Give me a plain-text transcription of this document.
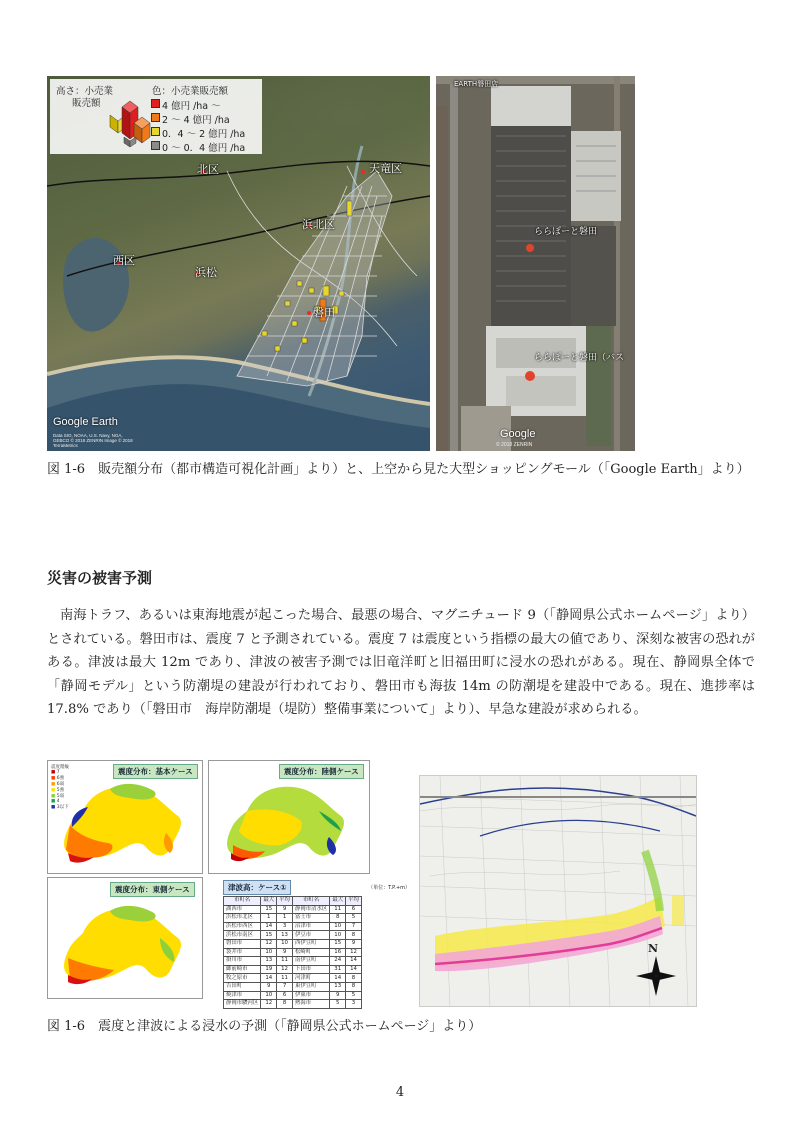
高さ：小売業
販売額
色：小売業販売額
4 億円 /ha ～
2 ～ 4 億円 /ha
0．4 ～ 2 億円 /ha
0 ～ 0．4 億円 /ha
天竜区
北区
浜北区
西区
浜松
磐田
Google Earth
Data SIO, NOAA, U.S. Navy, NGA, GEBCO © 2018 ZENRIN Image © 2018 TerraMetrics
EARTH磐田店
ららぽーと磐田
ららぽーと磐田（バス
Google
© 2018 ZENRIN
図 1-6　販売額分布（都市構造可視化計画」より）と、上空から見た大型ショッピングモール（「Google Earth」より）
災害の被害予測

南海トラフ、あるいは東海地震が起こった場合、最悪の場合、マグニチュード 9（「静岡県公式ホームページ」より）とされている。磐田市は、震度 7 と予測されている。震度 7 は震度という指標の最大の値であり、深刻な被害の恐れがある。津波は最大 12m であり、津波の被害予測では旧竜洋町と旧福田町に浸水の恐れがある。現在、静岡県全体で「静岡モデル」という防潮堤の建設が行われており、磐田市も海抜 14m の防潮堤を建設中である。現在、進捗率は 17.8% であり（「磐田市　海岸防潮堤（堤防）整備事業について」より）、早急な建設が求められる。

震度分布：基本ケース
震度階級
■ 7
■ 6強
■ 6弱
■ 5強
■ 5弱
■ 4
■ 3以下
震度分布：陸側ケース
震度分布：東側ケース	津波高：ケース①	（単位：T.P.+m）
市町名	最大	平均	市町名	最大	平均
湖西市	15	9	静岡市清水区	11	6
浜松市北区	1	1	富士市	8	5
浜松市西区	14	3	沼津市	10	7
浜松市南区	15	13	伊豆市	10	8
磐田市	12	10	西伊豆町	15	9
袋井市	10	9	松崎町	16	12
掛川市	13	11	南伊豆町	24	14
御前崎市	19	12	下田市	31	14
牧之原市	14	11	河津町	14	8
吉田町	9	7	東伊豆町	13	8
焼津市	10	6	伊東市	9	5
静岡市駿河区	12	8	熱海市	5	3
N
図 1-6　震度と津波による浸水の予測（「静岡県公式ホームページ」より）
4
